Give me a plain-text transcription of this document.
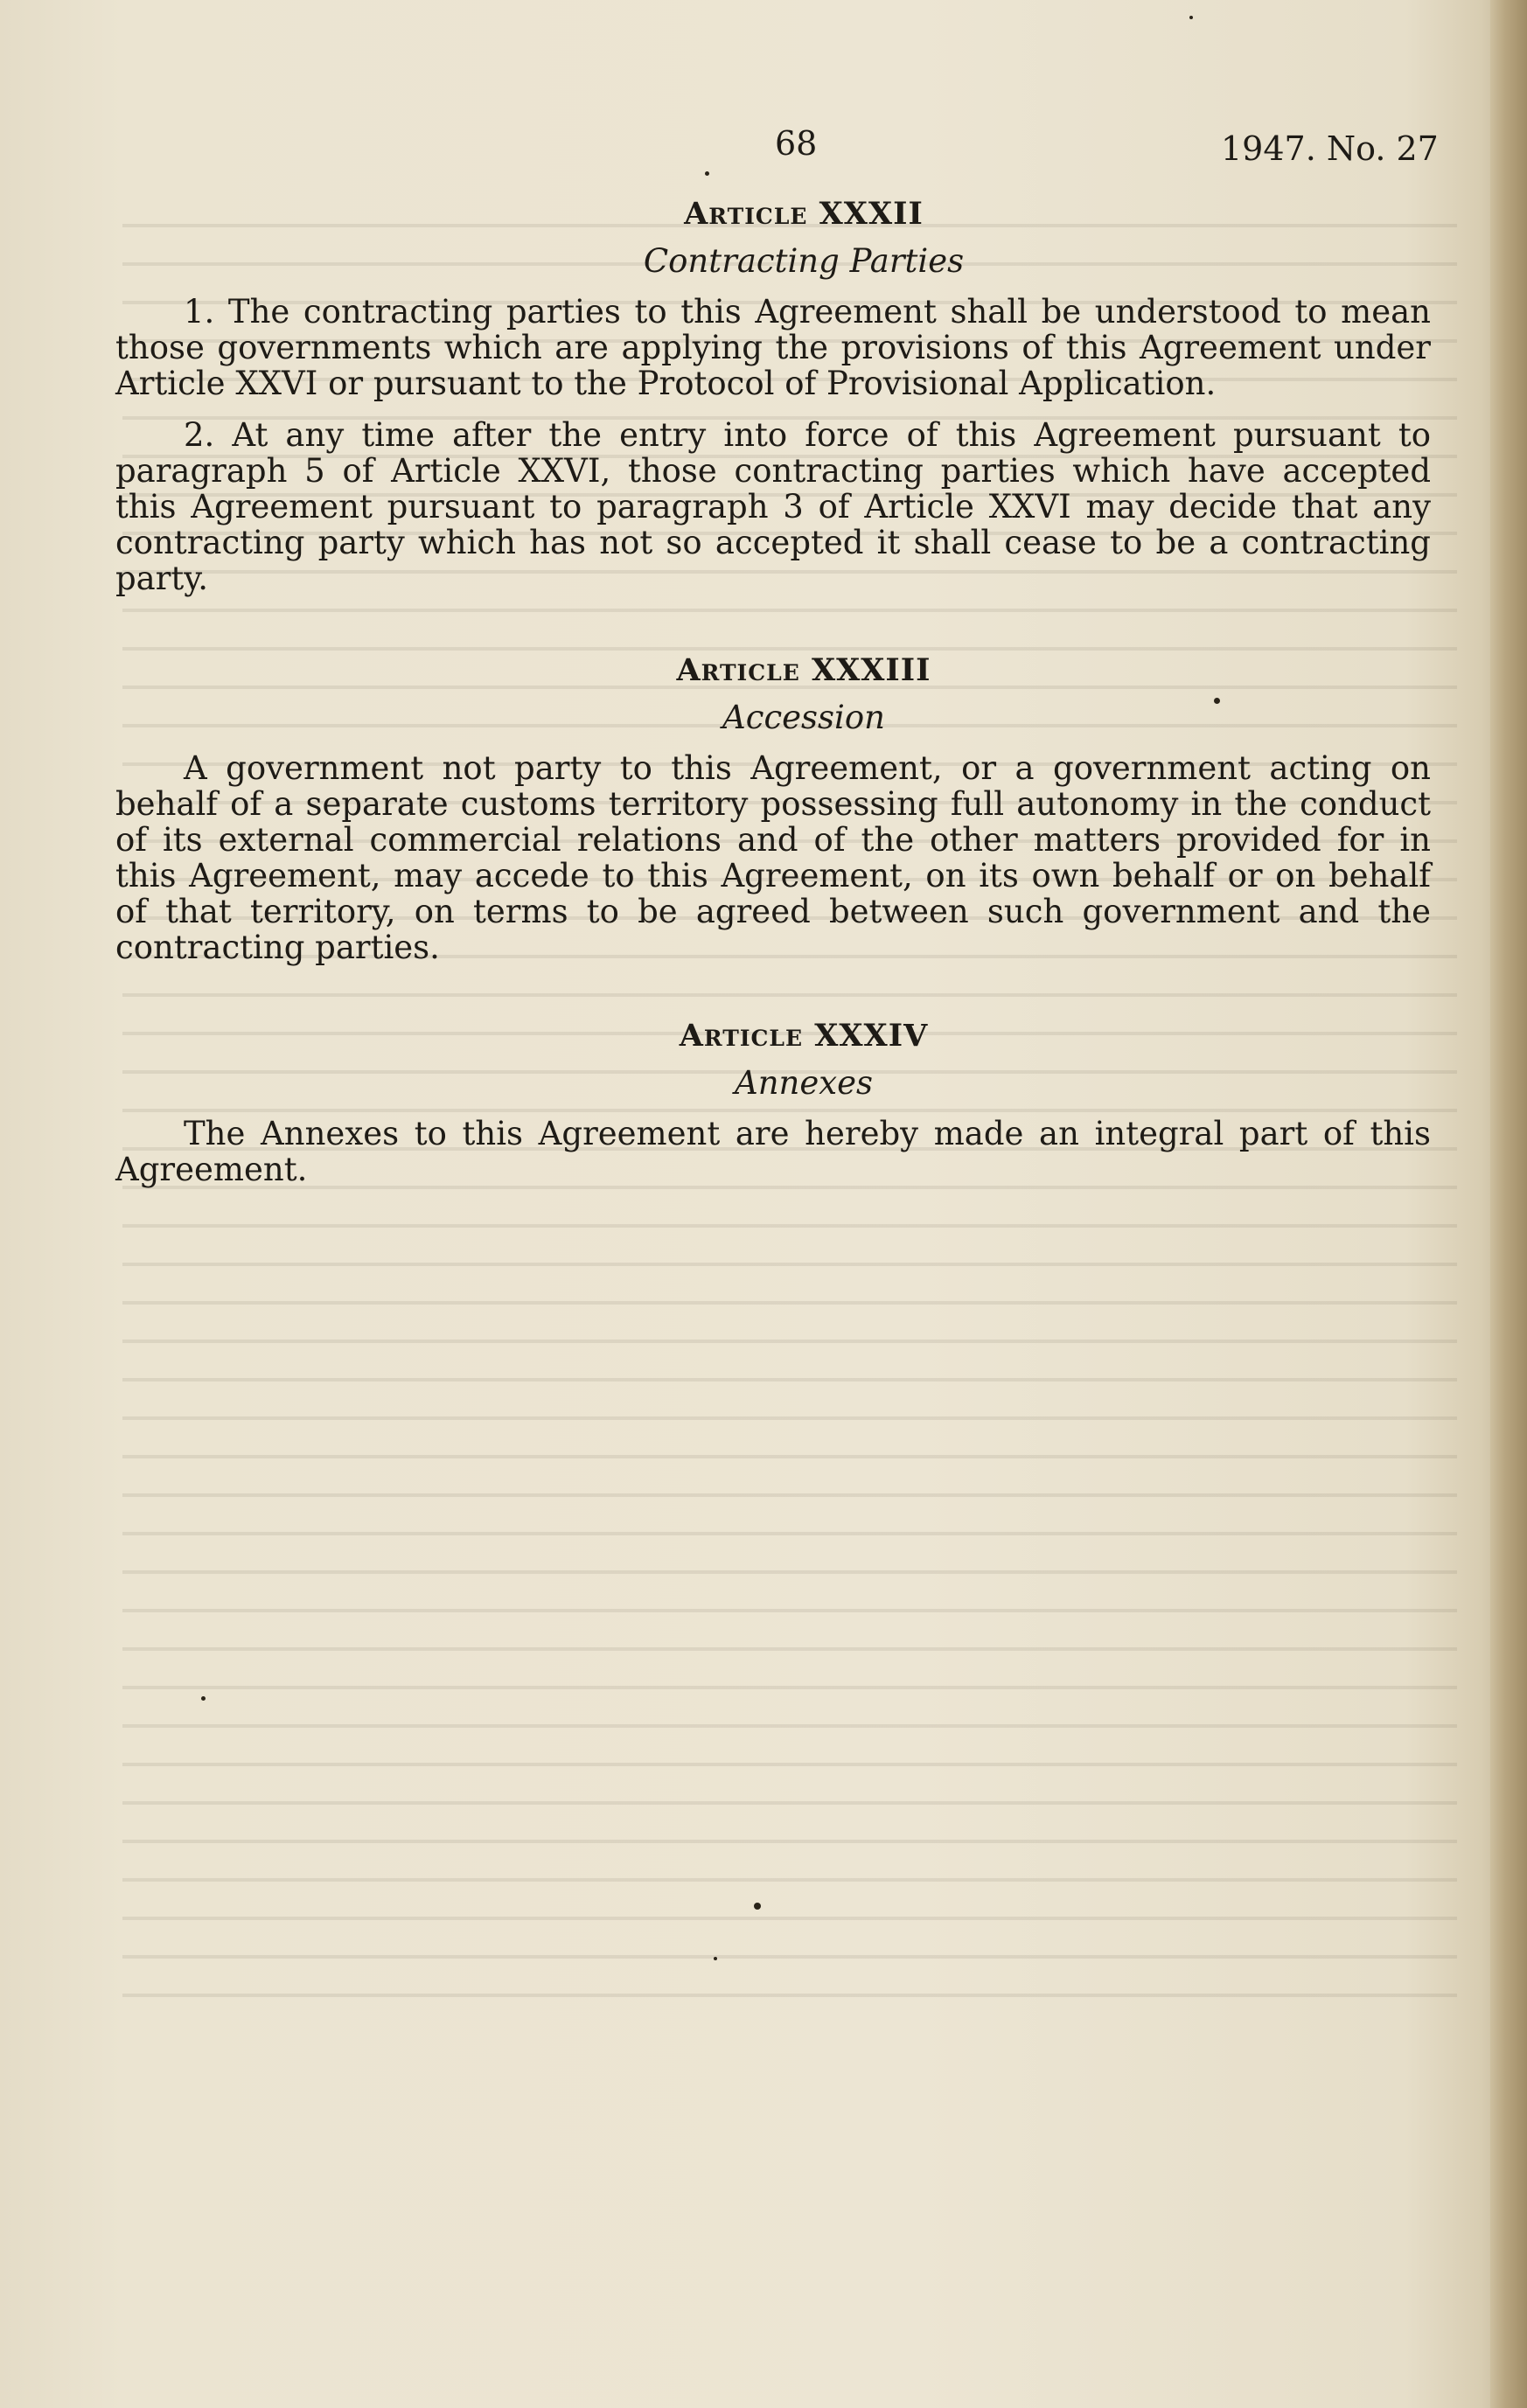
68	1947. No. 27
Article XXXII
Contracting Parties

1. The contracting parties to this Agreement shall be understood to mean those governments which are applying the provisions of this Agreement under Article XXVI or pursuant to the Protocol of Provisional Application.

2. At any time after the entry into force of this Agreement pursuant to paragraph 5 of Article XXVI, those contracting parties which have accepted this Agreement pursuant to paragraph 3 of Article XXVI may decide that any contracting party which has not so accepted it shall cease to be a contracting party.

Article XXXIII
Accession

A government not party to this Agreement, or a government acting on behalf of a separate customs territory possessing full autonomy in the conduct of its external commercial relations and of the other matters provided for in this Agreement, may accede to this Agreement, on its own behalf or on behalf of that territory, on terms to be agreed between such government and the contracting parties.

Article XXXIV
Annexes

The Annexes to this Agreement are hereby made an integral part of this Agreement.
